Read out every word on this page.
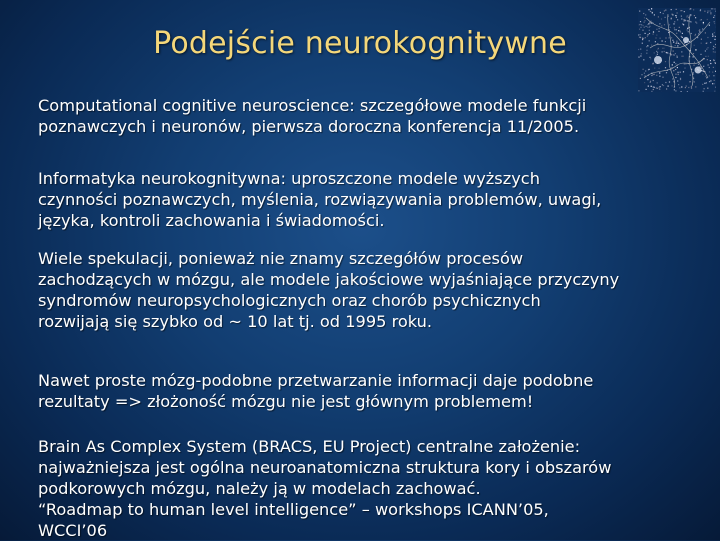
Podejście neurokognitywne

Computational cognitive neuroscience: szczegółowe modele funkcji
poznawczych i neuronów, pierwsza doroczna konferencja 11/2005.

Informatyka neurokognitywna: uproszczone modele wyższych
czynności poznawczych, myślenia, rozwiązywania problemów, uwagi,
języka, kontroli zachowania i świadomości.

Wiele spekulacji, ponieważ nie znamy szczegółów procesów
zachodzących w mózgu, ale modele jakościowe wyjaśniające przyczyny
syndromów neuropsychologicznych oraz chorób psychicznych
rozwijają się szybko od ~ 10 lat tj. od 1995 roku.

Nawet proste mózg-podobne przetwarzanie informacji daje podobne
rezultaty => złożoność mózgu nie jest głównym problemem!

Brain As Complex System (BRACS, EU Project) centralne założenie:
najważniejsza jest ogólna neuroanatomiczna struktura kory i obszarów
podkorowych mózgu, należy ją w modelach zachować.
“Roadmap to human level intelligence” – workshops ICANN’05,
WCCI’06
